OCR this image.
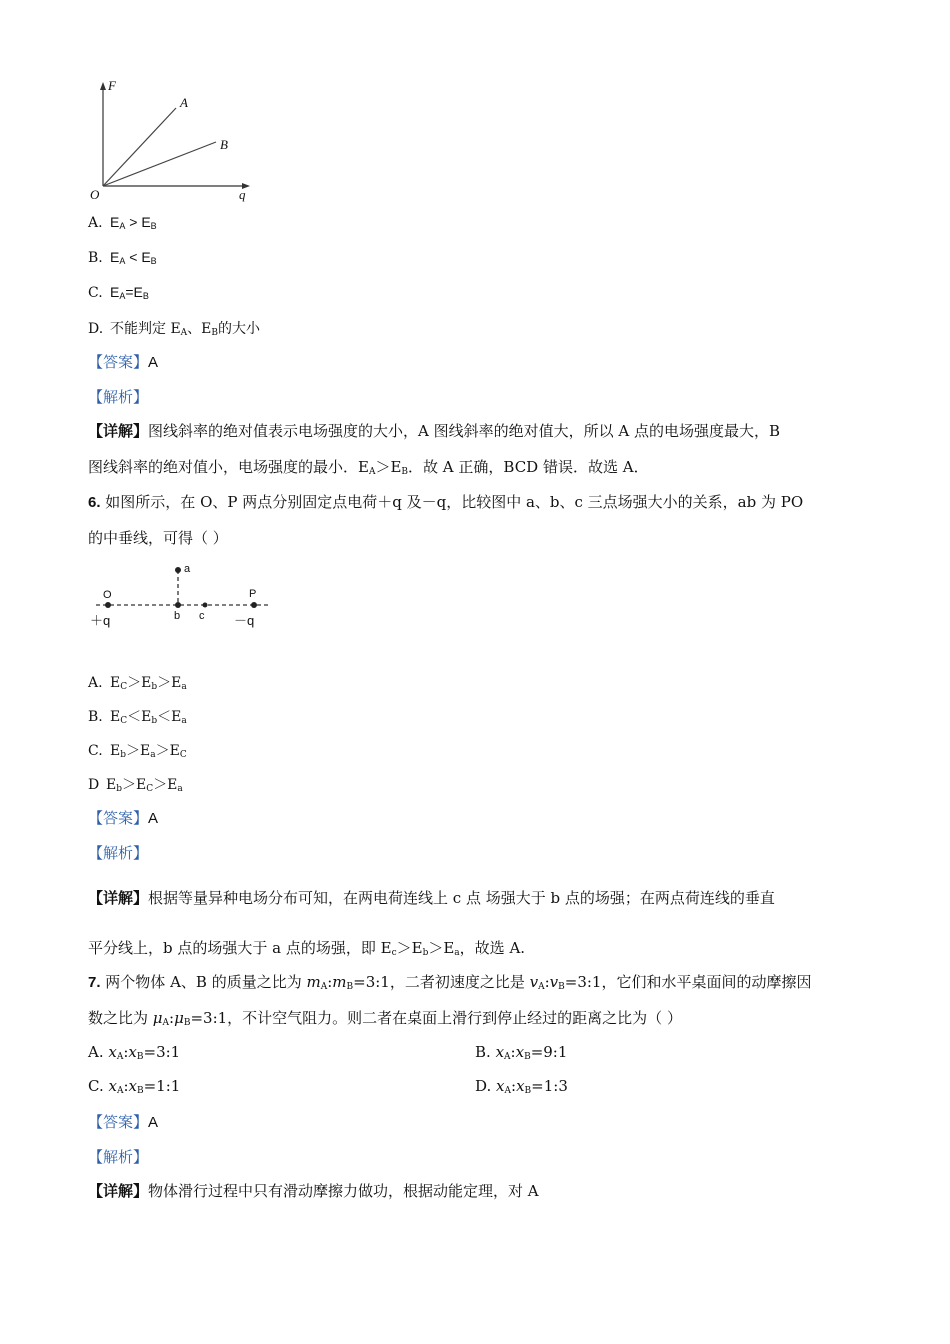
F
A
B
O	q
A. $E_A > E_B$
B. $E_A < E_B$
C. $E_A=E_B$
D. 不能判定 $E_A$、$E_B$的大小
【答案】A
【解析】
【详解】图线斜率的绝对值表示电场强度的大小，A 图线斜率的绝对值大，所以 A 点的电场强度最大，B
图线斜率的绝对值小，电场强度的最小．$E_A>E_B$．故 A 正确，BCD 错误．故选 A．
6. 如图所示，在 O、P 两点分别固定点电荷＋q 及－q，比较图中 a、b、c 三点场强大小的关系，ab 为 PO
的中垂线，可得（ ）
O
＋q
a
b c
P
－q
A. $E_C>E_b>E_a$
B. $E_C<E_b<E_a$
C. $E_b>E_a>E_C$
D $E_b>E_C>E_a$
【答案】A
【解析】
【详解】根据等量异种电场分布可知，在两电荷连线上 c 点 场强大于 b 点的场强；在两点荷连线的垂直
平分线上，b 点的场强大于 a 点的场强，即 $E_c>E_b>E_a$，故选 A.
7. 两个物体 A、B 的质量之比为 $m_A:m_B=3:1$，二者初速度之比是 $v_A:v_B=3:1$，它们和水平桌面间的动摩擦因
数之比为 $\mu_A:\mu_B=3:1$，不计空气阻力。则二者在桌面上滑行到停止经过的距离之比为（ ）
A. $x_A:x_B=3:1$	B. $x_A:x_B=9:1$
C. $x_A:x_B=1:1$	D. $x_A:x_B=1:3$
【答案】A
【解析】
【详解】物体滑行过程中只有滑动摩擦力做功，根据动能定理，对 A
